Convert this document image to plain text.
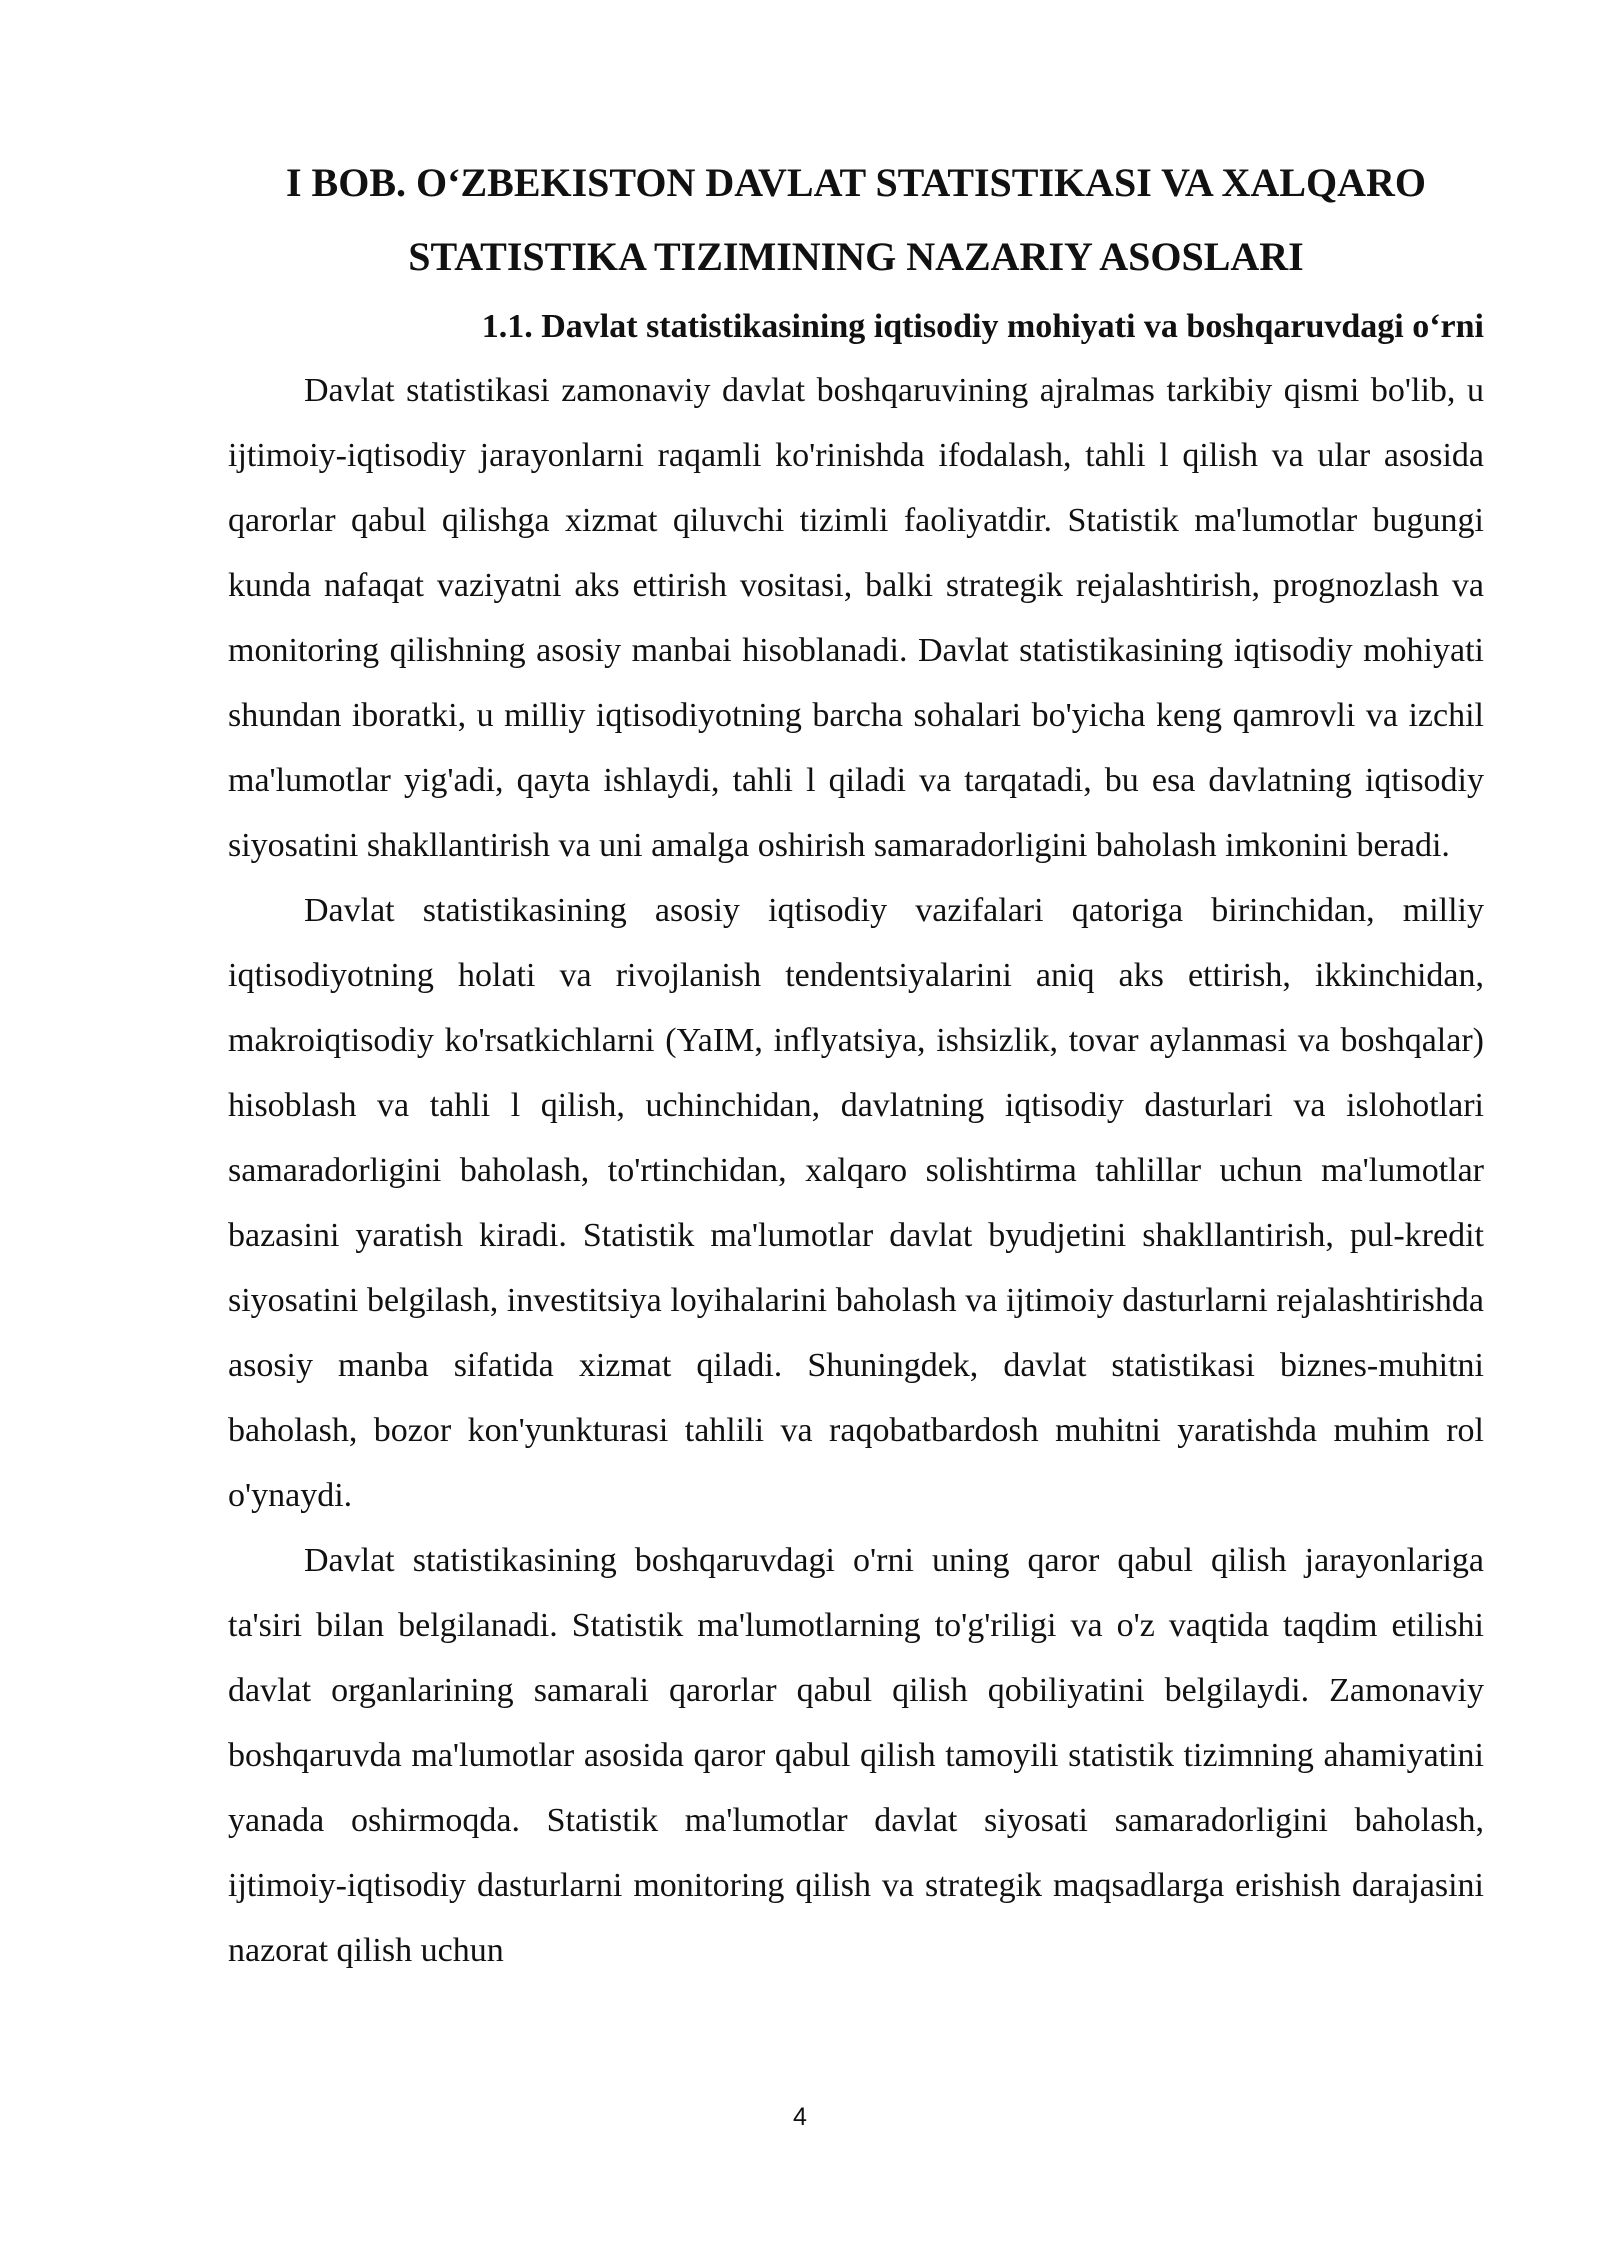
I BOB. O‘ZBEKISTON DAVLAT STATISTIKASI VA XALQARO
STATISTIKA TIZIMINING NAZARIY ASOSLARI
1.1. Davlat statistikasining iqtisodiy mohiyati va boshqaruvdagi o‘rni

Davlat statistikasi zamonaviy davlat boshqaruvining ajralmas tarkibiy qismi bo'lib, u ijtimoiy-iqtisodiy jarayonlarni raqamli ko'rinishda ifodalash, tahli l qilish va ular asosida qarorlar qabul qilishga xizmat qiluvchi tizimli faoliyatdir. Statistik ma'lumotlar bugungi kunda nafaqat vaziyatni aks ettirish vositasi, balki strategik rejalashtirish, prognozlash va monitoring qilishning asosiy manbai hisoblanadi. Davlat statistikasining iqtisodiy mohiyati shundan iboratki, u milliy iqtisodiyotning barcha sohalari bo'yicha keng qamrovli va izchil ma'lumotlar yig'adi, qayta ishlaydi, tahli l qiladi va tarqatadi, bu esa davlatning iqtisodiy siyosatini shakllantirish va uni amalga oshirish samaradorligini baholash imkonini beradi.

Davlat statistikasining asosiy iqtisodiy vazifalari qatoriga birinchidan, milliy iqtisodiyotning holati va rivojlanish tendentsiyalarini aniq aks ettirish, ikkinchidan, makroiqtisodiy ko'rsatkichlarni (YaIM, inflyatsiya, ishsizlik, tovar aylanmasi va boshqalar) hisoblash va tahli l qilish, uchinchidan, davlatning iqtisodiy dasturlari va islohotlari samaradorligini baholash, to'rtinchidan, xalqaro solishtirma tahlillar uchun ma'lumotlar bazasini yaratish kiradi. Statistik ma'lumotlar davlat byudjetini shakllantirish, pul-kredit siyosatini belgilash, investitsiya loyihalarini baholash va ijtimoiy dasturlarni rejalashtirishda asosiy manba sifatida xizmat qiladi. Shuningdek, davlat statistikasi biznes-muhitni baholash, bozor kon'yunkturasi tahlili va raqobatbardosh muhitni yaratishda muhim rol o'ynaydi.

Davlat statistikasining boshqaruvdagi o'rni uning qaror qabul qilish jarayonlariga ta'siri bilan belgilanadi. Statistik ma'lumotlarning to'g'riligi va o'z vaqtida taqdim etilishi davlat organlarining samarali qarorlar qabul qilish qobiliyatini belgilaydi. Zamonaviy boshqaruvda ma'lumotlar asosida qaror qabul qilish tamoyili statistik tizimning ahamiyatini yanada oshirmoqda. Statistik ma'lumotlar davlat siyosati samaradorligini baholash, ijtimoiy-iqtisodiy dasturlarni monitoring qilish va strategik maqsadlarga erishish darajasini nazorat qilish uchun

4
